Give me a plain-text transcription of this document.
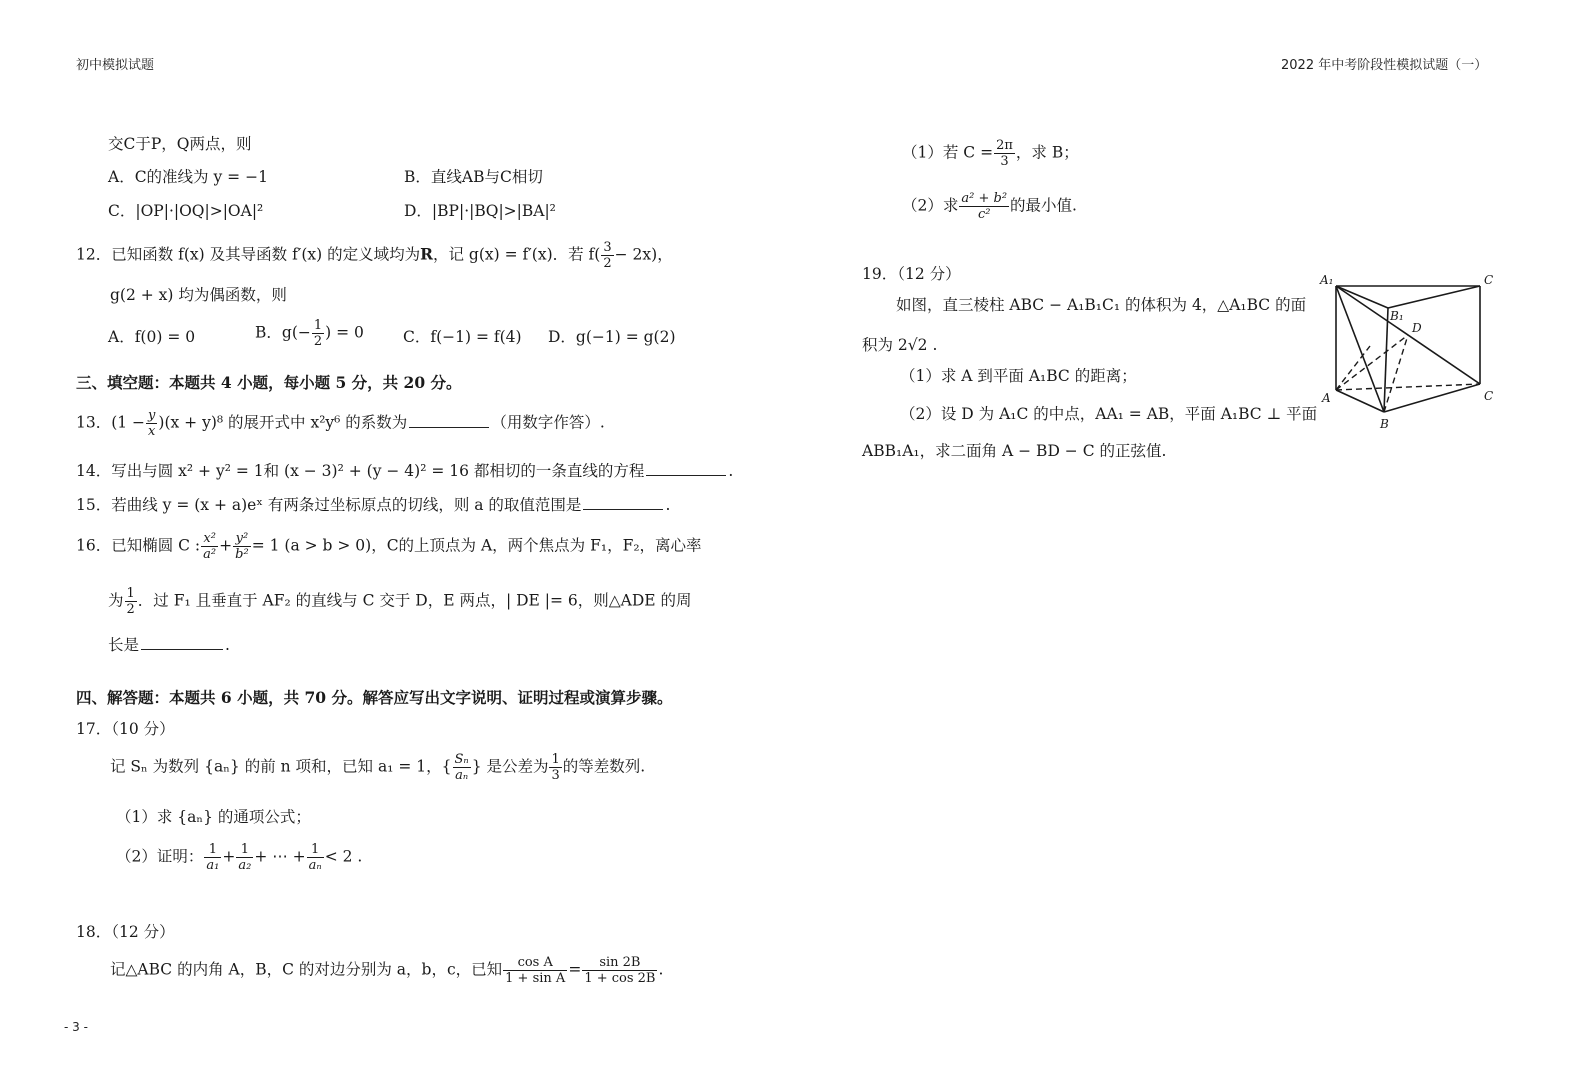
初中模拟试题	2022 年中考阶段性模拟试题（一）
交C于P，Q两点，则
A．C的准线为 y = −1	B．直线AB与C相切
C．|OP|·|OQ|>|OA|²	D．|BP|·|BQ|>|BA|²
12．已知函数 f(x) 及其导函数 f′(x) 的定义域均为R，记 g(x) = f′(x)．若 $f( \frac{3}{2} - 2x)$，
g(2 + x) 均为偶函数，则
A．f(0) = 0	B．$g(- \frac{1}{2}$ ) = 0	C．f(−1) = f(4) D．g(−1) = g(2)
三、填空题：本题共 4 小题，每小题 5 分，共 20 分。
13．$(1 - \frac{y}{x} )(x + y)^8$ 的展开式中 x²y⁶ 的系数为	（用数字作答）.
14．写出与圆 x² + y² = 1和 (x − 3)² + (y − 4)² = 16 都相切的一条直线的方程	.
15．若曲线 y = (x + a)eˣ 有两条过坐标原点的切线，则 a 的取值范围是	.
16．已知椭圆 C : $\frac{\text{x²}}{\text{a²}} + \frac{\text{y²}}{\text{b²}} = 1$ (a > b > 0)，C的上顶点为 A，两个焦点为 F₁，F₂，离心率
为 $\frac{1}{2}$ ．过 F₁ 且垂直于 AF₂ 的直线与 C 交于 D，E 两点，| DE |= 6，则△ADE 的周
长是	.
四、解答题：本题共 6 小题，共 70 分。解答应写出文字说明、证明过程或演算步骤。
17．（10 分）
记 Sₙ 为数列 {aₙ} 的前 n 项和，已知 a₁ = 1，{ $\frac{\text{Sₙ}}{\text{aₙ}}$ } 是公差为 $\frac{1}{3}$ 的等差数列.
（1）求 {aₙ} 的通项公式；
（2）证明： $\frac{1}{\text{a₁}} + \frac{1}{\text{a₂}}$ + ⋯ + $\frac{1}{\text{aₙ}} < 2$ .
18．（12 分）
记△ABC 的内角 A，B，C 的对边分别为 a，b，c，已知 $\frac{\text{cos A}}{\text{1 + sin A}} = \frac{\sin 2B}{1 + \cos 2B}$ .
（1）若 $C = \frac{2\pi}{3}$ ，求 B；
（2）求 $\frac{\text{a² + b²}}{\text{c²}}$ 的最小值.
19．（12 分）
如图，直三棱柱 ABC − A₁B₁C₁ 的体积为 4，△A₁BC 的面
积为 2√2 .
（1）求 A 到平面 A₁BC 的距离；
（2）设 D 为 A₁C 的中点，AA₁ = AB，平面 A₁BC ⊥ 平面
ABB₁A₁，求二面角 A − BD − C 的正弦值.
A₁	C
B₁
D
A
B
C
- 3 -
